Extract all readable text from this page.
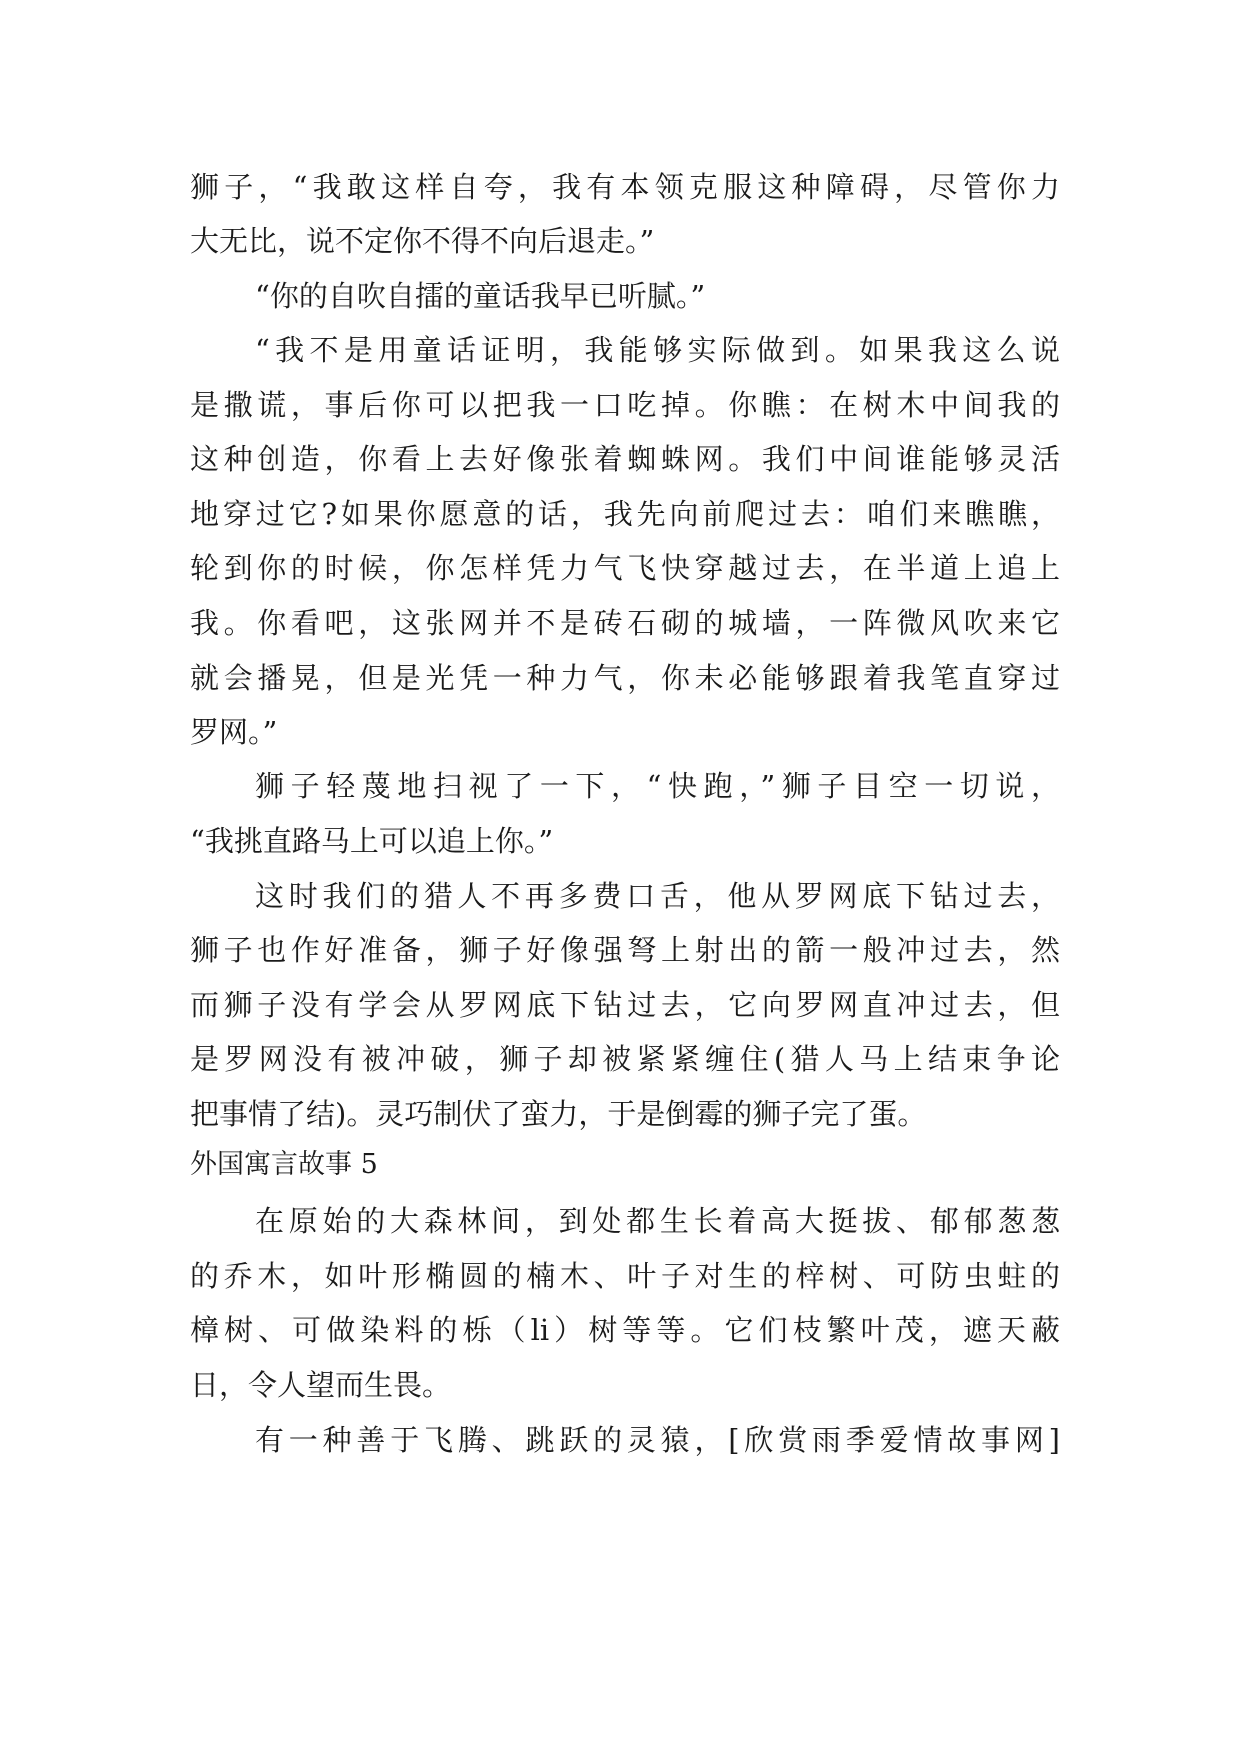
狮子，“我敢这样自夸，我有本领克服这种障碍，尽管你力
大无比，说不定你不得不向后退走。”
“你的自吹自擂的童话我早已听腻。”
“我不是用童话证明，我能够实际做到。如果我这么说
是撒谎，事后你可以把我一口吃掉。你瞧：在树木中间我的
这种创造，你看上去好像张着蜘蛛网。我们中间谁能够灵活
地穿过它?如果你愿意的话，我先向前爬过去：咱们来瞧瞧，
轮到你的时候，你怎样凭力气飞快穿越过去，在半道上追上
我。你看吧，这张网并不是砖石砌的城墙，一阵微风吹来它
就会播晃，但是光凭一种力气，你未必能够跟着我笔直穿过
罗网。”
狮子轻蔑地扫视了一下，“快跑，”狮子目空一切说，
“我挑直路马上可以追上你。”
这时我们的猎人不再多费口舌，他从罗网底下钻过去，
狮子也作好准备，狮子好像强弩上射出的箭一般冲过去，然
而狮子没有学会从罗网底下钻过去，它向罗网直冲过去，但
是罗网没有被冲破，狮子却被紧紧缠住(猎人马上结束争论
把事情了结)。灵巧制伏了蛮力，于是倒霉的狮子完了蛋。
外国寓言故事 5
在原始的大森林间，到处都生长着高大挺拔、郁郁葱葱
的乔木，如叶形椭圆的楠木、叶子对生的梓树、可防虫蛀的
樟树、可做染料的栎（li）树等等。它们枝繁叶茂，遮天蔽
日，令人望而生畏。
有一种善于飞腾、跳跃的灵猿，[欣赏雨季爱情故事网]
